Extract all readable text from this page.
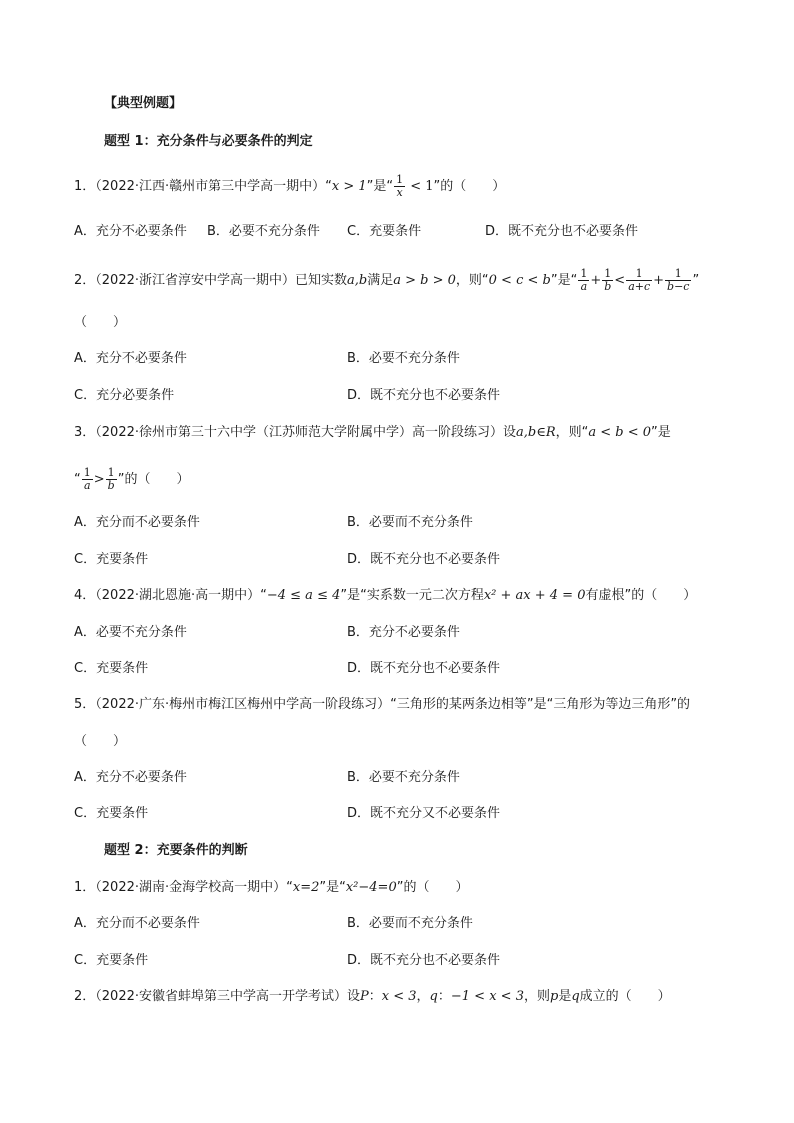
【典型例题】
题型 1：充分条件与必要条件的判定
1．（2022·江西·赣州市第三中学高一期中）“x > 1”是“ $\frac{1}{x} < 1$”的（　　）
A．充分不必要条件 B．必要不充分条件 C．充要条件	D．既不充分也不必要条件
2．（2022·浙江省淳安中学高一期中）已知实数a,b满足a > b > 0，则“0 < c < b”是“ $\frac{1}{a} + \frac{1}{b} < \frac{1}{a+c} + \frac{1}{b-c}$ ”
（　　）
A．充分不必要条件	B．必要不充分条件
C．充分必要条件	D．既不充分也不必要条件
3．（2022·徐州市第三十六中学（江苏师范大学附属中学）高一阶段练习）设a,b∈R，则“a < b < 0”是
“ $\frac{1}{a} > \frac{1}{b}$ ”的（　　）
A．充分而不必要条件	B．必要而不充分条件
C．充要条件	D．既不充分也不必要条件
4．（2022·湖北恩施·高一期中）“−4 ≤ a ≤ 4”是“实系数一元二次方程x² + ax + 4 = 0有虚根”的（　　）
A．必要不充分条件	B．充分不必要条件
C．充要条件	D．既不充分也不必要条件
5．（2022·广东·梅州市梅江区梅州中学高一阶段练习）“三角形的某两条边相等”是“三角形为等边三角形”的
（　　）
A．充分不必要条件	B．必要不充分条件
C．充要条件	D．既不充分又不必要条件
题型 2：充要条件的判断
1．（2022·湖南·金海学校高一期中）“x=2”是“x²−4=0”的（　　）
A．充分而不必要条件	B．必要而不充分条件
C．充要条件	D．既不充分也不必要条件
2．（2022·安徽省蚌埠第三中学高一开学考试）设P：x < 3，q：−1 < x < 3，则p是q成立的（　　）
